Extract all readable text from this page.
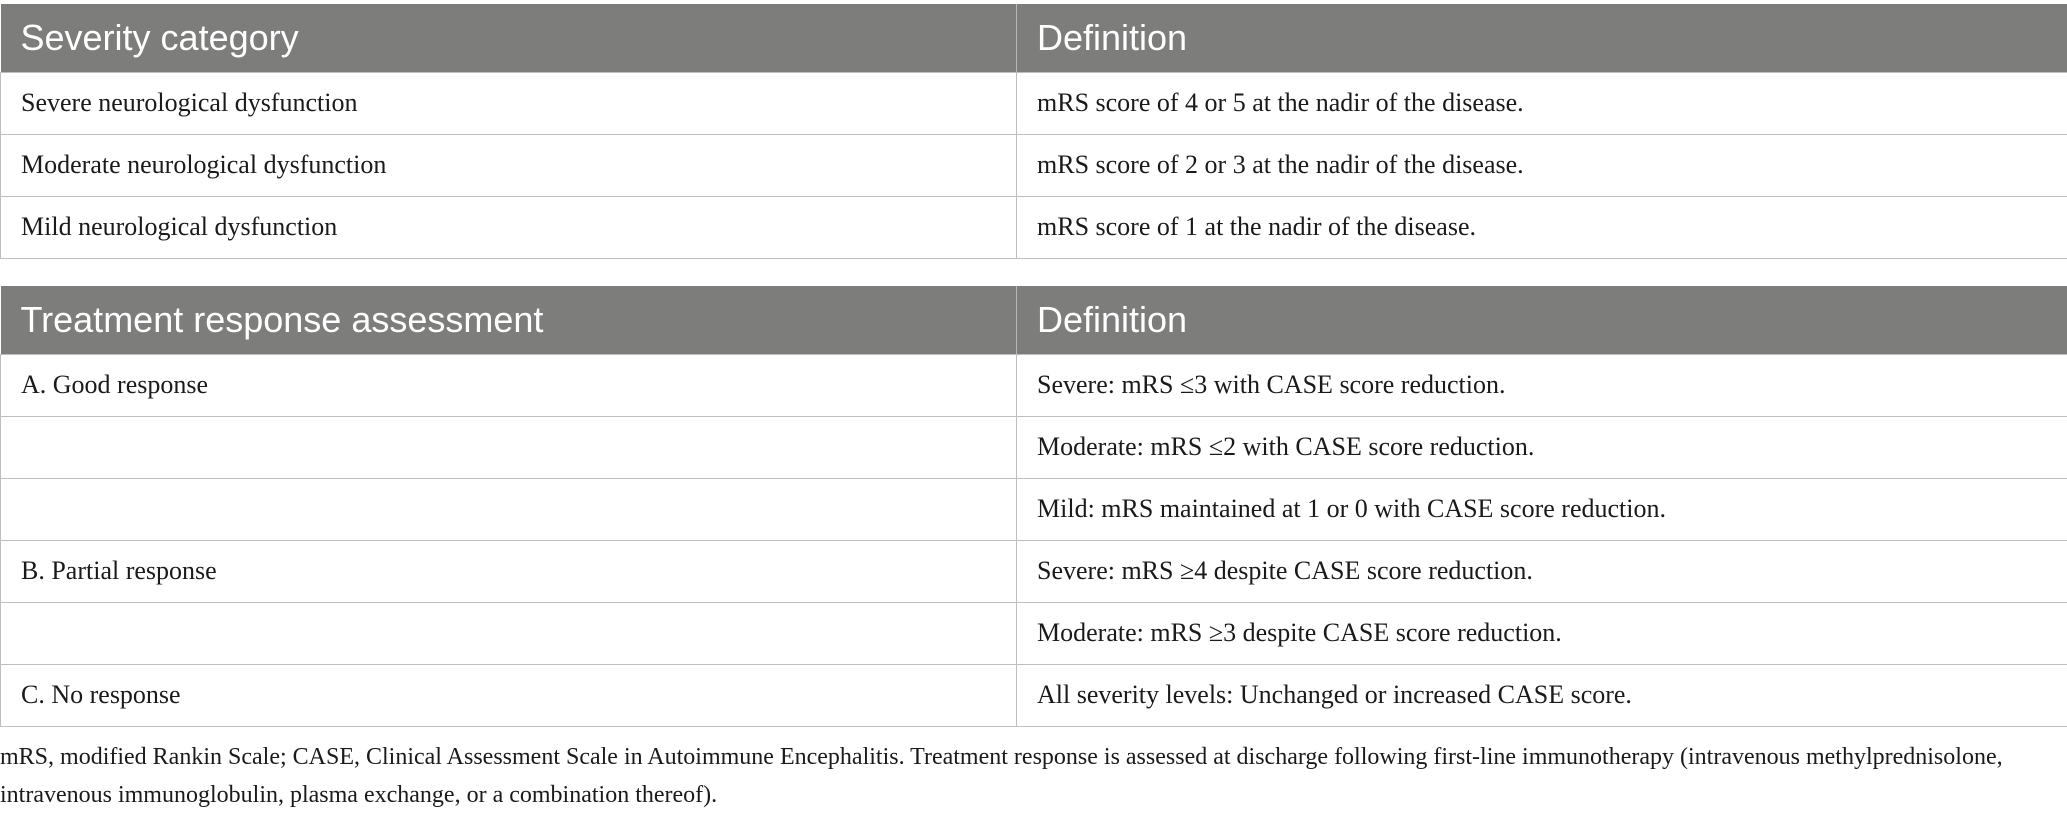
Severity category	Definition
Severe neurological dysfunction	mRS score of 4 or 5 at the nadir of the disease.
Moderate neurological dysfunction	mRS score of 2 or 3 at the nadir of the disease.
Mild neurological dysfunction	mRS score of 1 at the nadir of the disease.
Treatment response assessment	Definition
A. Good response	Severe: mRS ≤3 with CASE score reduction.
	Moderate: mRS ≤2 with CASE score reduction.
	Mild: mRS maintained at 1 or 0 with CASE score reduction.
B. Partial response	Severe: mRS ≥4 despite CASE score reduction.
	Moderate: mRS ≥3 despite CASE score reduction.
C. No response	All severity levels: Unchanged or increased CASE score.

mRS, modified Rankin Scale; CASE, Clinical Assessment Scale in Autoimmune Encephalitis. Treatment response is assessed at discharge following first-line immunotherapy (intravenous methylprednisolone, intravenous immunoglobulin, plasma exchange, or a combination thereof).
